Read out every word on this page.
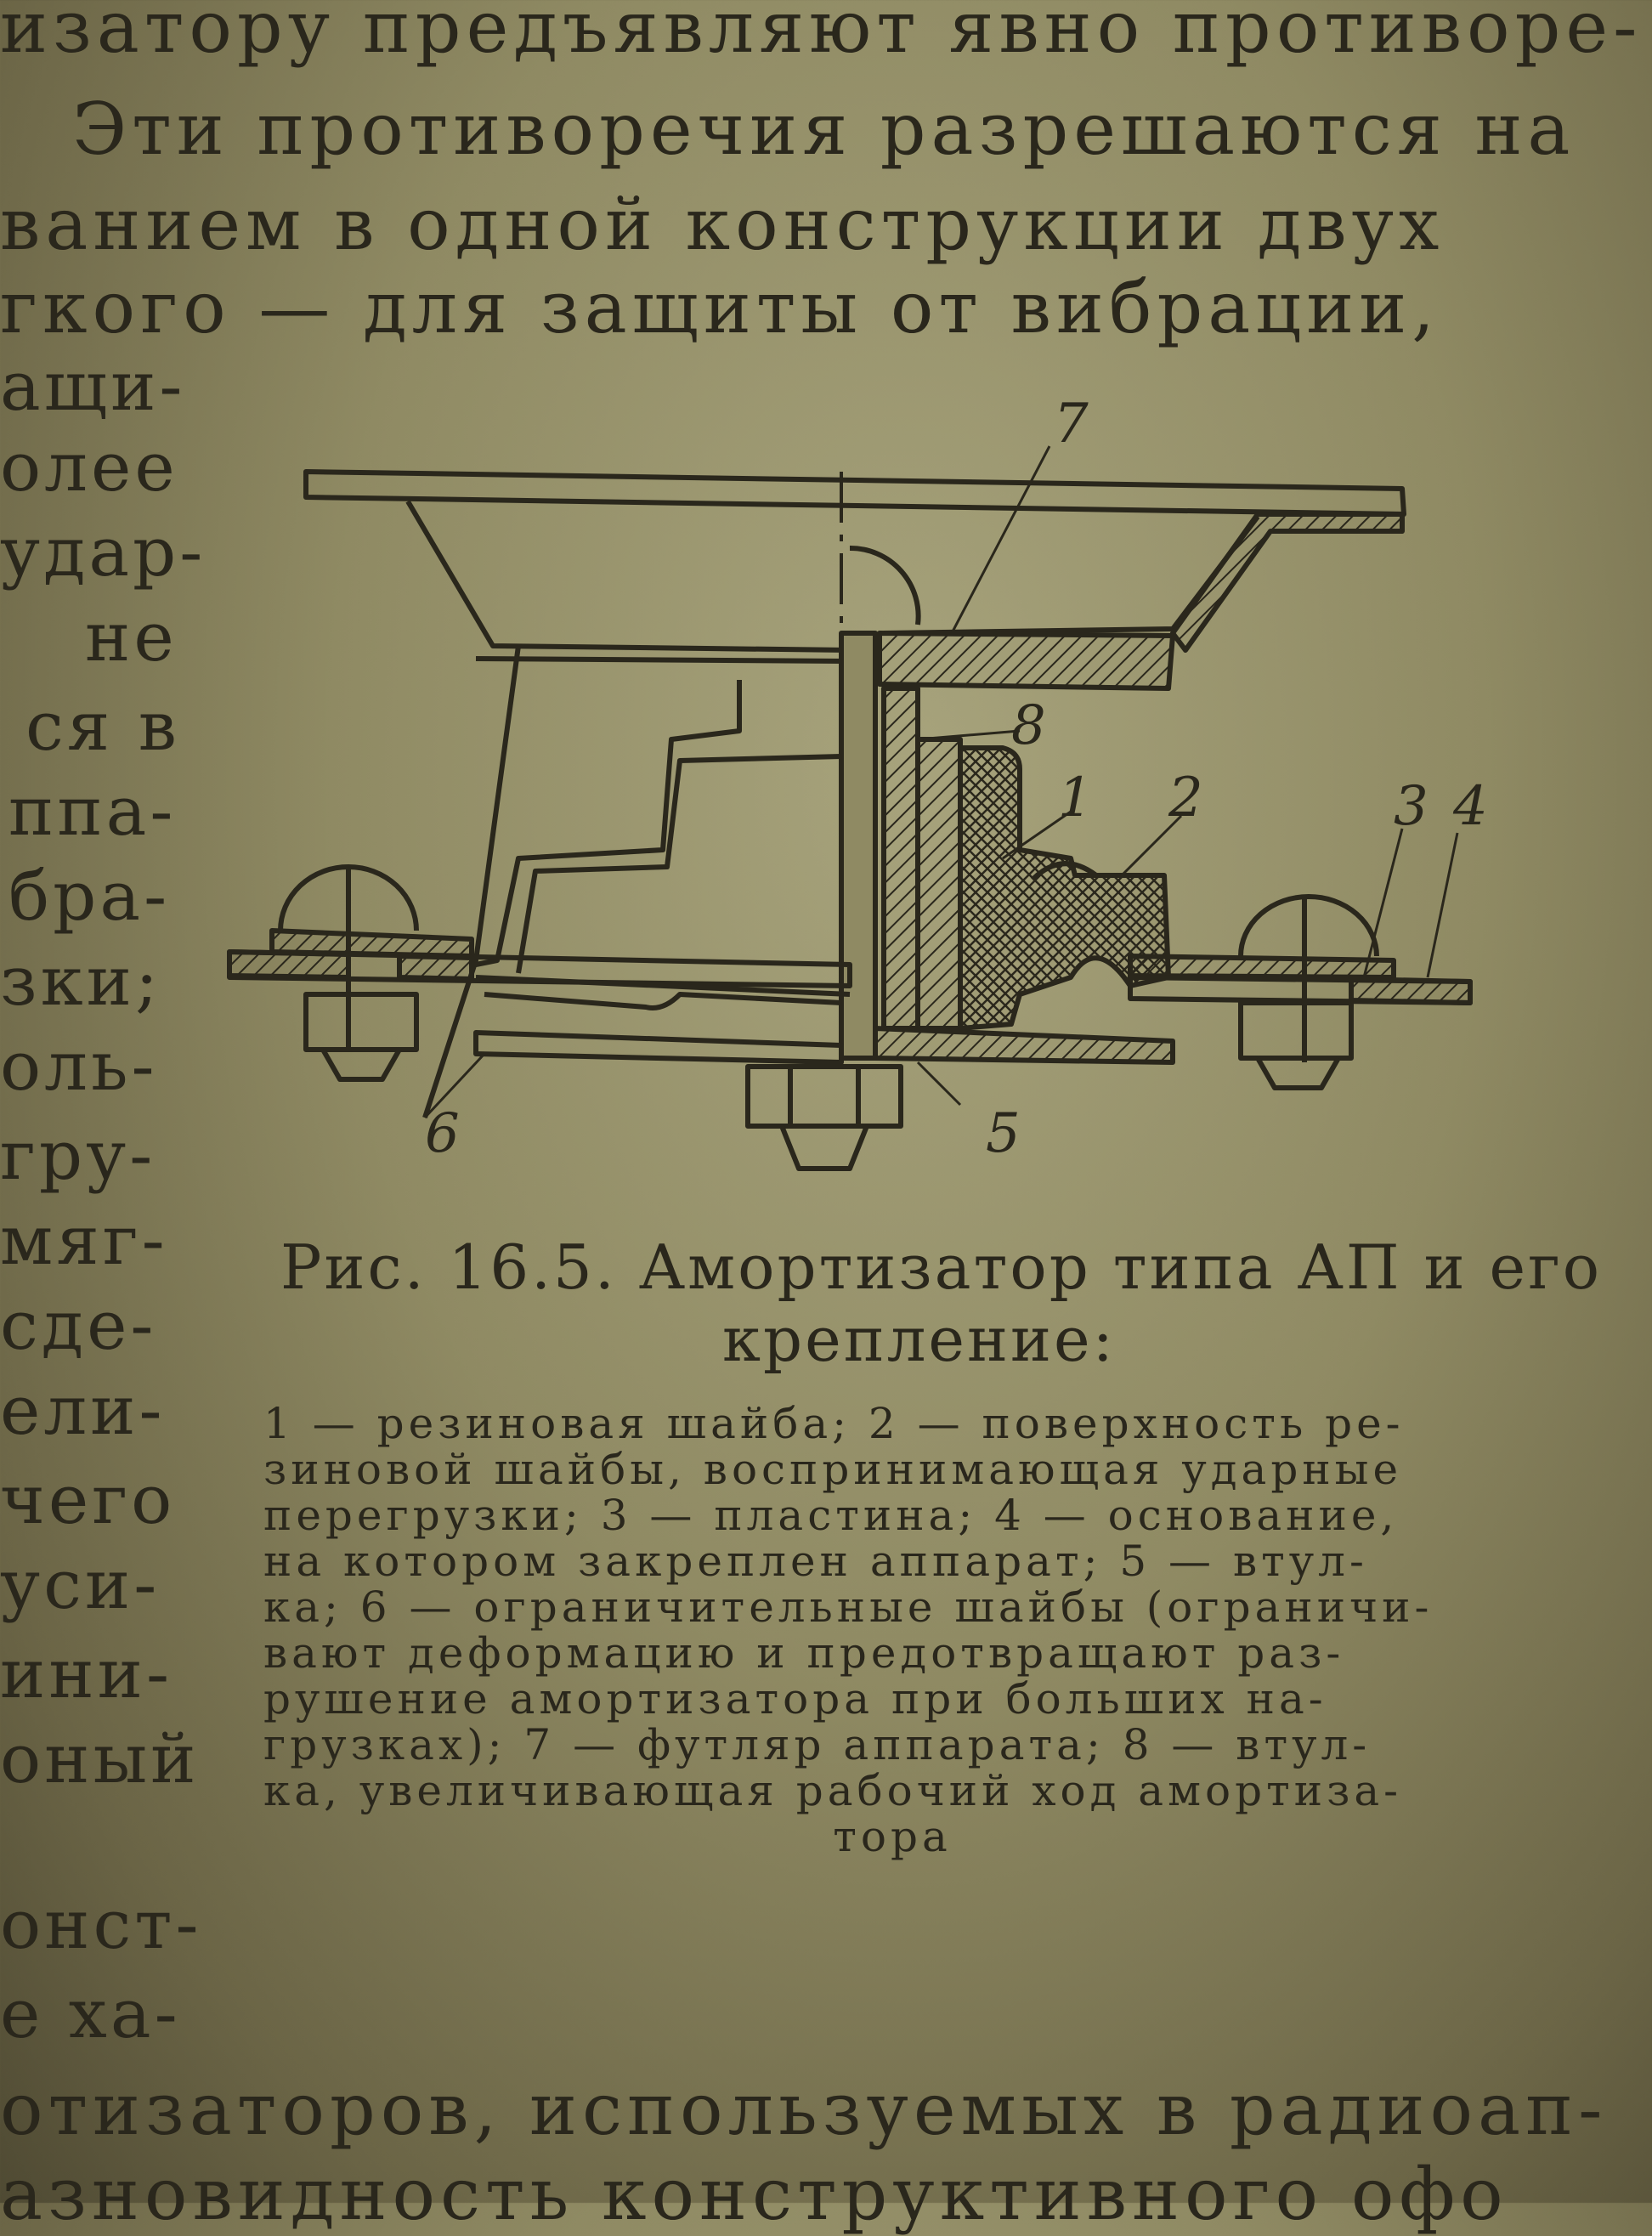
изатору предъявляют явно противоре-
Эти противоречия разрешаются на
ванием в одной конструкции двух
гкого — для защиты от вибрации,
ащи-
олее
удар-
не
ся в
ппа-
бра-
зки;
оль-
гру-
мяг-
сде-
ели-
чего
уси-
ини-
оный
онст-
е ха-
7
8
1 2	3 4
6	5
Рис. 16.5. Амортизатор типа АП и его
крепление:
1 — резиновая шайба; 2 — поверхность ре-
зиновой шайбы, воспринимающая ударные
перегрузки; 3 — пластина; 4 — основание,
на котором закреплен аппарат; 5 — втул-
ка; 6 — ограничительные шайбы (ограничи-
вают деформацию и предотвращают раз-
рушение амортизатора при больших на-
грузках); 7 — футляр аппарата; 8 — втул-
ка, увеличивающая рабочий ход амортиза-
тора
отизаторов, используемых в радиоап-
азновидность конструктивного офо
